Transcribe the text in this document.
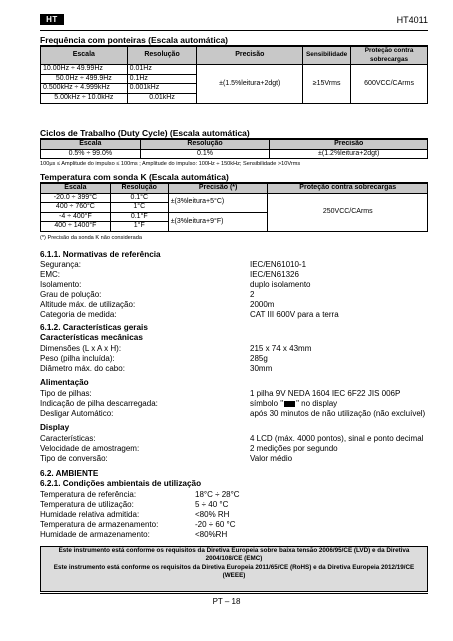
HT	HT4011
Frequência com ponteiras (Escala automática)
Escala	Resolução	Precisão	Sensibilidade	Proteção contra sobrecargas
10.00Hz ÷ 49.99Hz	0.01Hz	±(1.5%leitura+2dgt)	≥15Vrms	600VCC/CArms
50.0Hz ÷ 499.9Hz	0.1Hz			
0.500kHz ÷ 4.999kHz	0.001kHz			
5.00kHz ÷ 10.0kHz	0.01kHz			
Ciclos de Trabalho (Duty Cycle) (Escala automática)
Escala	Resolução	Precisão
0.5% ÷ 99.0%	0.1%	±(1.2%leitura+2dgt)
100μs ≤ Amplitude do impulso ≤ 100ms ; Amplitude do impulso: 100Hz ÷ 150kHz; Sensibilidade >10Vrms
Temperatura com sonda K (Escala automática)
Escala	Resolução	Precisão (*)	Proteção contra sobrecargas
-20.0 ÷ 399°C	0.1°C	±(3%leitura+5°C)	250VCC/CArms
400 ÷ 760°C	1°C		
-4 ÷ 400°F	0.1°F	±(3%leitura+9°F)	
400 ÷ 1400°F	1°F		
(*) Precisão da sonda K não considerada
6.1.1. Normativas de referência
Segurança:	IEC/EN61010-1
EMC:	IEC/EN61326
Isolamento:	duplo isolamento
Grau de polução:	2
Altitude máx. de utilização:	2000m
Categoria de medida:	CAT III 600V para a terra
6.1.2. Características gerais
Características mecânicas
Dimensões (L x A x H):	215 x 74 x 43mm
Peso (pilha incluída):	285g
Diâmetro máx. do cabo:	30mm
Alimentação
Tipo de pilhas:	1 pilha 9V NEDA 1604 IEC 6F22 JIS 006P
Indicação de pilha descarregada:	símbolo " " no display
Desligar Automático:	após 30 minutos de não utilização (não excluível)
Display
Características:	4 LCD (máx. 4000 pontos), sinal e ponto decimal
Velocidade de amostragem:	2 medições por segundo
Tipo de conversão:	Valor médio
6.2. AMBIENTE
6.2.1. Condições ambientais de utilização
Temperatura de referência:	18°C ÷ 28°C
Temperatura de utilização:	5 ÷ 40 °C
Humidade relativa admitida:	<80% RH
Temperatura de armazenamento:	-20 ÷ 60 °C
Humidade de armazenamento:	<80%RH
Este instrumento está conforme os requisitos da Diretiva Europeia sobre baixa tensão 2006/95/CE (LVD) e da Diretiva 2004/108/CE (EMC)
Este instrumento está conforme os requisitos da Diretiva Europeia 2011/65/CE (RoHS) e da Diretiva Europeia 2012/19/CE (WEEE)
PT – 18
